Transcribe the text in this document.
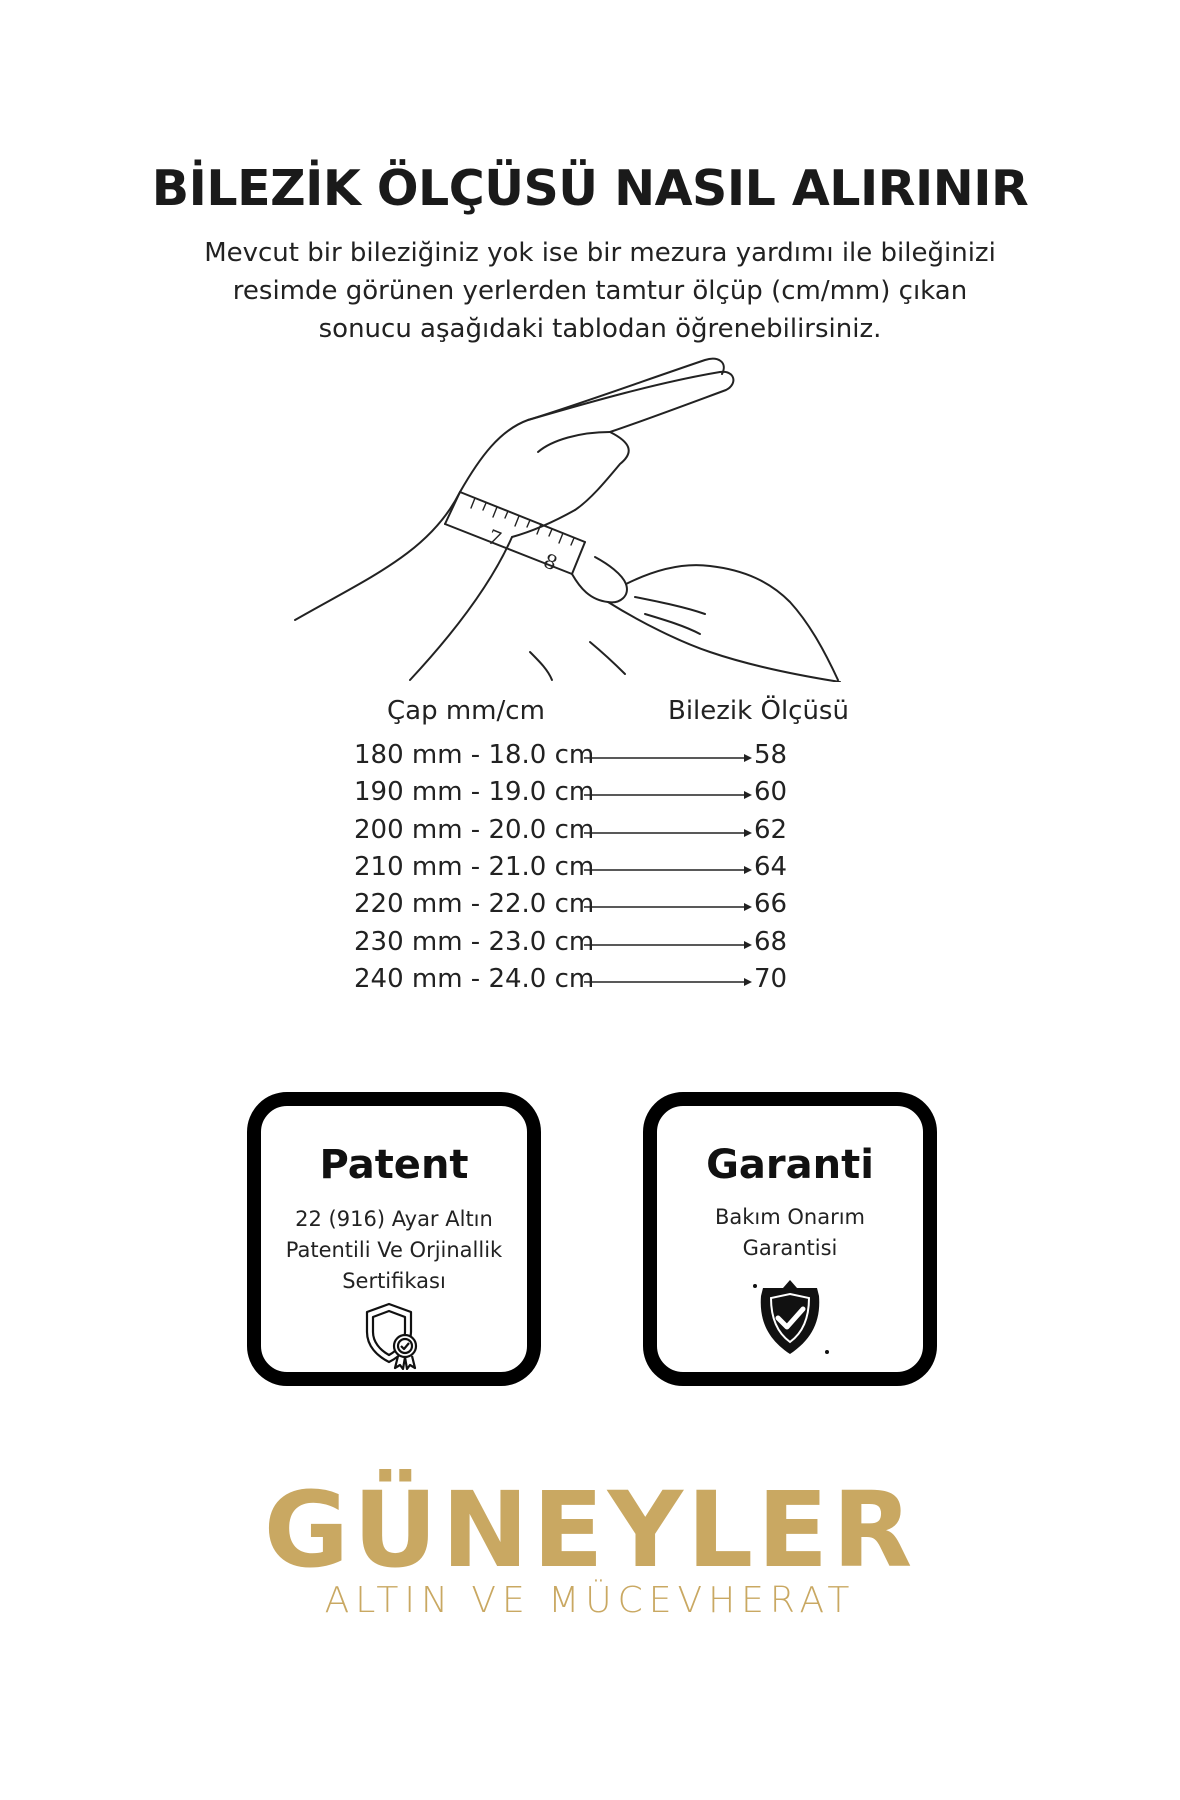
BİLEZİK ÖLÇÜSÜ NASIL ALIRINIR
Mevcut bir bileziğiniz yok ise bir mezura yardımı ile bileğinizi
resimde görünen yerlerden tamtur ölçüp (cm/mm) çıkan
sonucu aşağıdaki tablodan öğrenebilirsiniz.
7
8
Çap mm/cm	Bilezik Ölçüsü
180 mm - 18.0 cm	58
190 mm - 19.0 cm	60
200 mm - 20.0 cm	62
210 mm - 21.0 cm	64
220 mm - 22.0 cm	66
230 mm - 23.0 cm	68
240 mm - 24.0 cm	70
Patent
22 (916) Ayar Altın
Patentili Ve Orjinallik
Sertifikası
Garanti
Bakım Onarım
Garantisi
GÜNEYLER
ALTIN VE MÜCEVHERAT
